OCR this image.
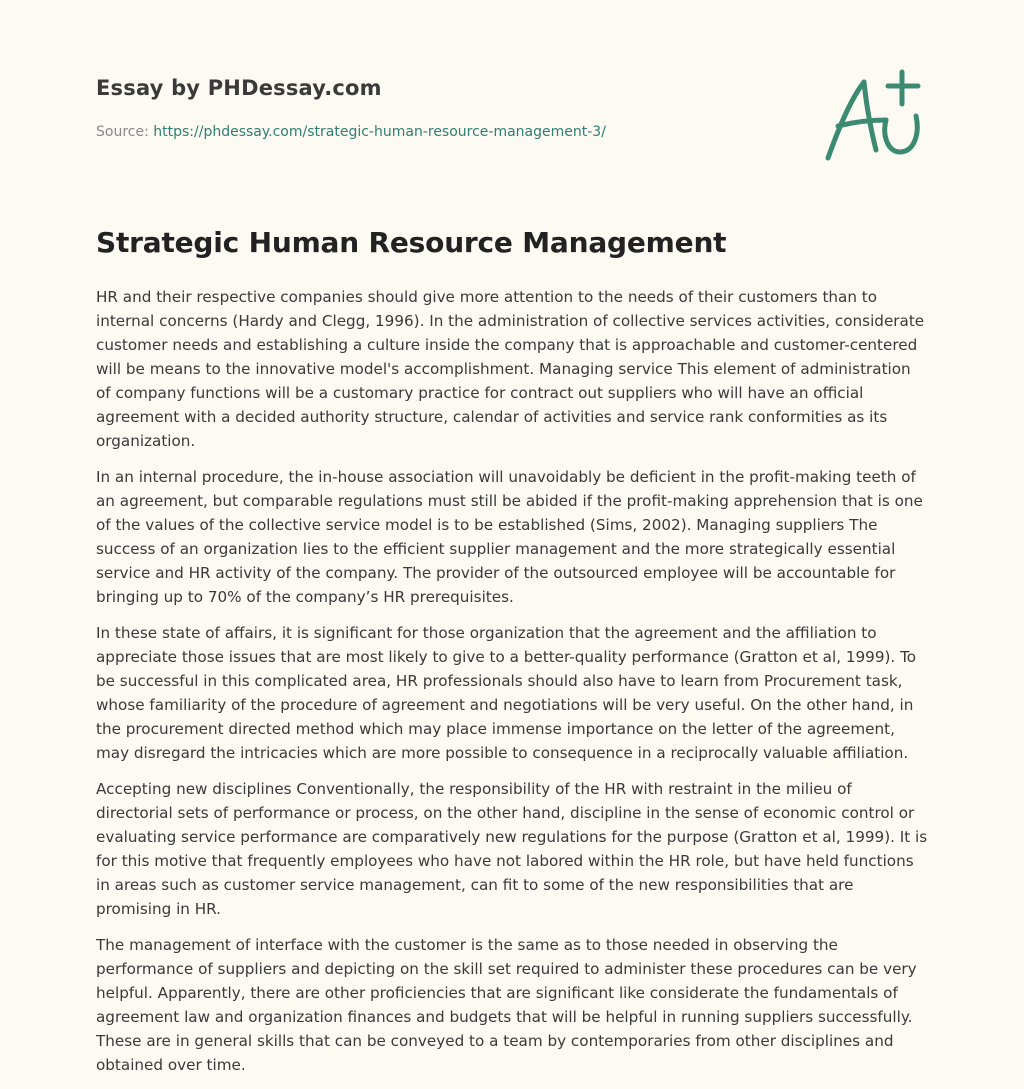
Essay by PHDessay.com

Source: https://phdessay.com/strategic-human-resource-management-3/

Strategic Human Resource Management

HR and their respective companies should give more attention to the needs of their customers than to internal concerns (Hardy and Clegg, 1996). In the administration of collective services activities, considerate customer needs and establishing a culture inside the company that is approachable and customer-centered will be means to the innovative model's accomplishment. Managing service This element of administration of company functions will be a customary practice for contract out suppliers who will have an official agreement with a decided authority structure, calendar of activities and service rank conformities as its organization.

In an internal procedure, the in-house association will unavoidably be deficient in the profit-making teeth of an agreement, but comparable regulations must still be abided if the profit-making apprehension that is one of the values of the collective service model is to be established (Sims, 2002). Managing suppliers The success of an organization lies to the efficient supplier management and the more strategically essential service and HR activity of the company. The provider of the outsourced employee will be accountable for bringing up to 70% of the company’s HR prerequisites.

In these state of affairs, it is significant for those organization that the agreement and the affiliation to appreciate those issues that are most likely to give to a better-quality performance (Gratton et al, 1999). To be successful in this complicated area, HR professionals should also have to learn from Procurement task, whose familiarity of the procedure of agreement and negotiations will be very useful. On the other hand, in the procurement directed method which may place immense importance on the letter of the agreement, may disregard the intricacies which are more possible to consequence in a reciprocally valuable affiliation.

Accepting new disciplines Conventionally, the responsibility of the HR with restraint in the milieu of directorial sets of performance or process, on the other hand, discipline in the sense of economic control or evaluating service performance are comparatively new regulations for the purpose (Gratton et al, 1999). It is for this motive that frequently employees who have not labored within the HR role, but have held functions in areas such as customer service management, can fit to some of the new responsibilities that are promising in HR.

The management of interface with the customer is the same as to those needed in observing the performance of suppliers and depicting on the skill set required to administer these procedures can be very helpful. Apparently, there are other proficiencies that are significant like considerate the fundamentals of agreement law and organization finances and budgets that will be helpful in running suppliers successfully. These are in general skills that can be conveyed to a team by contemporaries from other disciplines and obtained over time.
